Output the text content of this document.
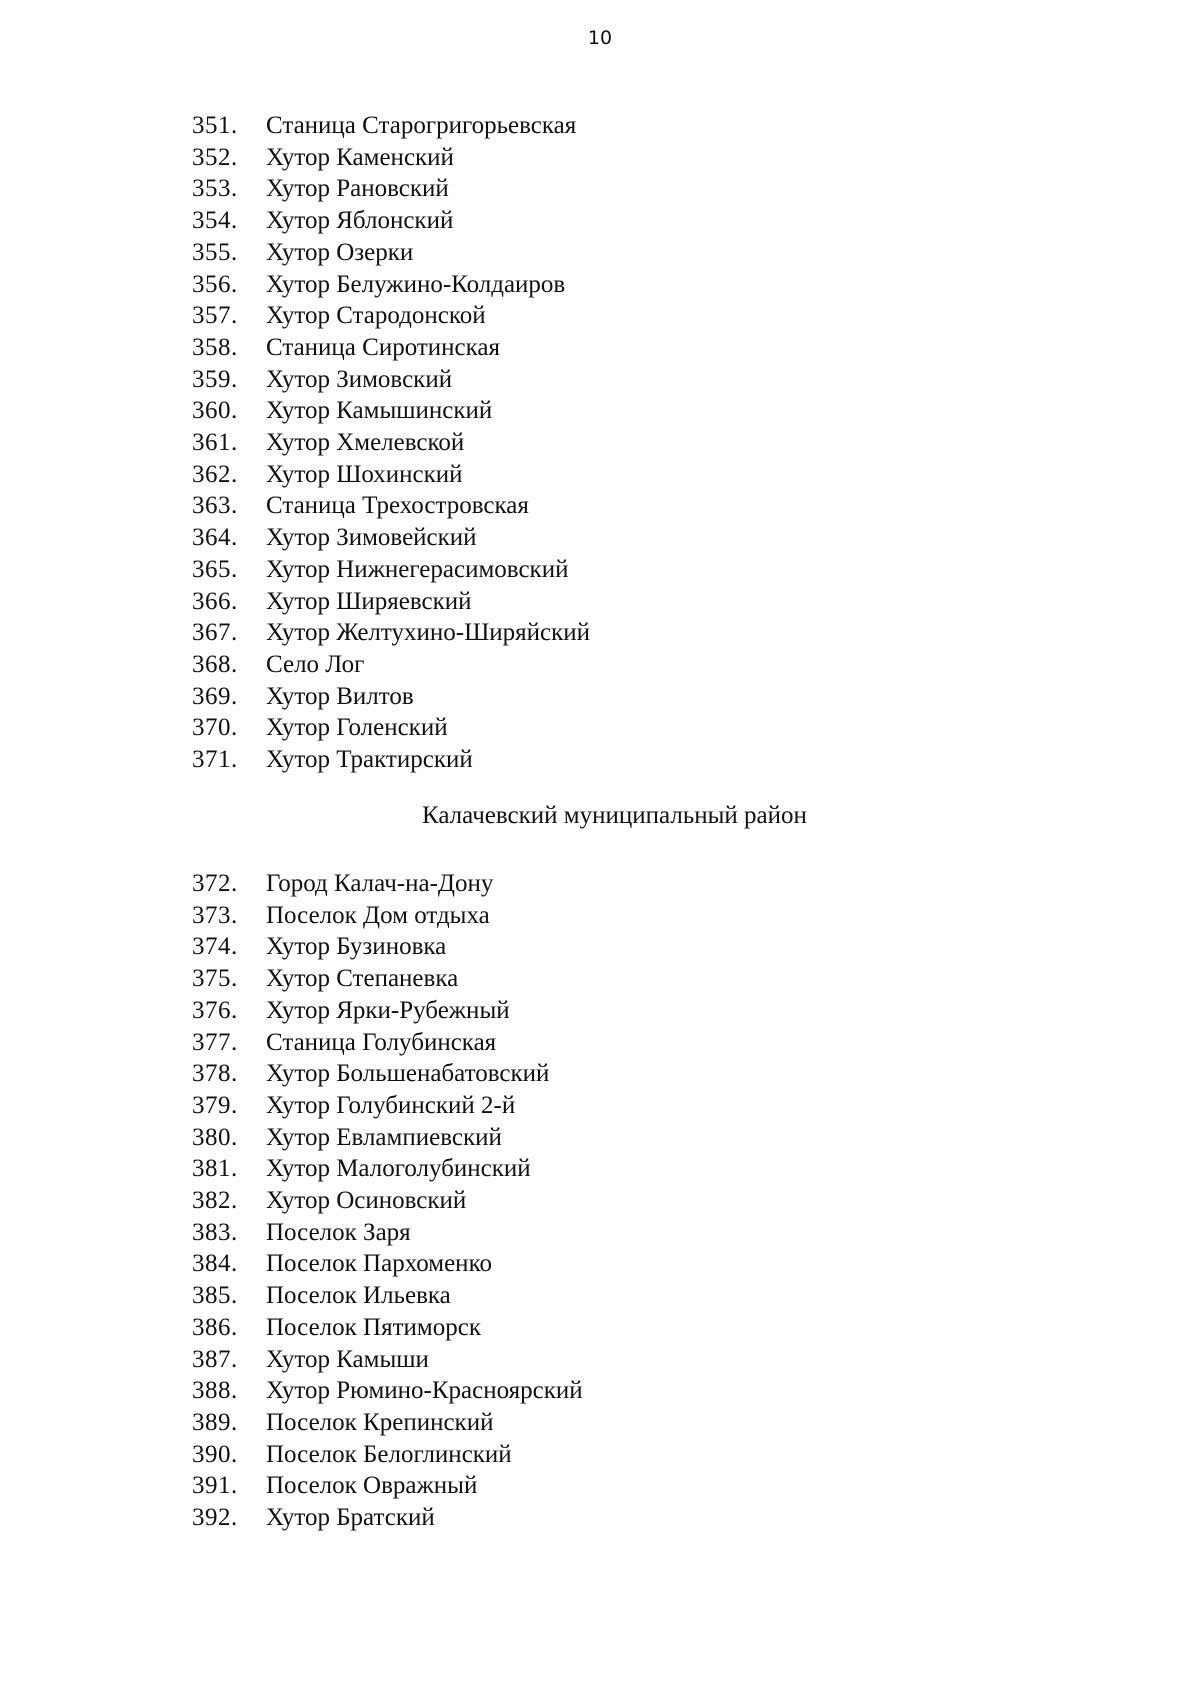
10
351.	Станица Старогригорьевская
352.	Хутор Каменский
353.	Хутор Рановский
354.	Хутор Яблонский
355.	Хутор Озерки
356.	Хутор Белужино-Колдаиров
357.	Хутор Стародонской
358.	Станица Сиротинская
359.	Хутор Зимовский
360.	Хутор Камышинский
361.	Хутор Хмелевской
362.	Хутор Шохинский
363.	Станица Трехостровская
364.	Хутор Зимовейский
365.	Хутор Нижнегерасимовский
366.	Хутор Ширяевский
367.	Хутор Желтухино-Ширяйский
368.	Село Лог
369.	Хутор Вилтов
370.	Хутор Голенский
371.	Хутор Трактирский
Калачевский муниципальный район
372.	Город Калач-на-Дону
373.	Поселок Дом отдыха
374.	Хутор Бузиновка
375.	Хутор Степаневка
376.	Хутор Ярки-Рубежный
377.	Станица Голубинская
378.	Хутор Большенабатовский
379.	Хутор Голубинский 2-й
380.	Хутор Евлампиевский
381.	Хутор Малоголубинский
382.	Хутор Осиновский
383.	Поселок Заря
384.	Поселок Пархоменко
385.	Поселок Ильевка
386.	Поселок Пятиморск
387.	Хутор Камыши
388.	Хутор Рюмино-Красноярский
389.	Поселок Крепинский
390.	Поселок Белоглинский
391.	Поселок Овражный
392.	Хутор Братский
